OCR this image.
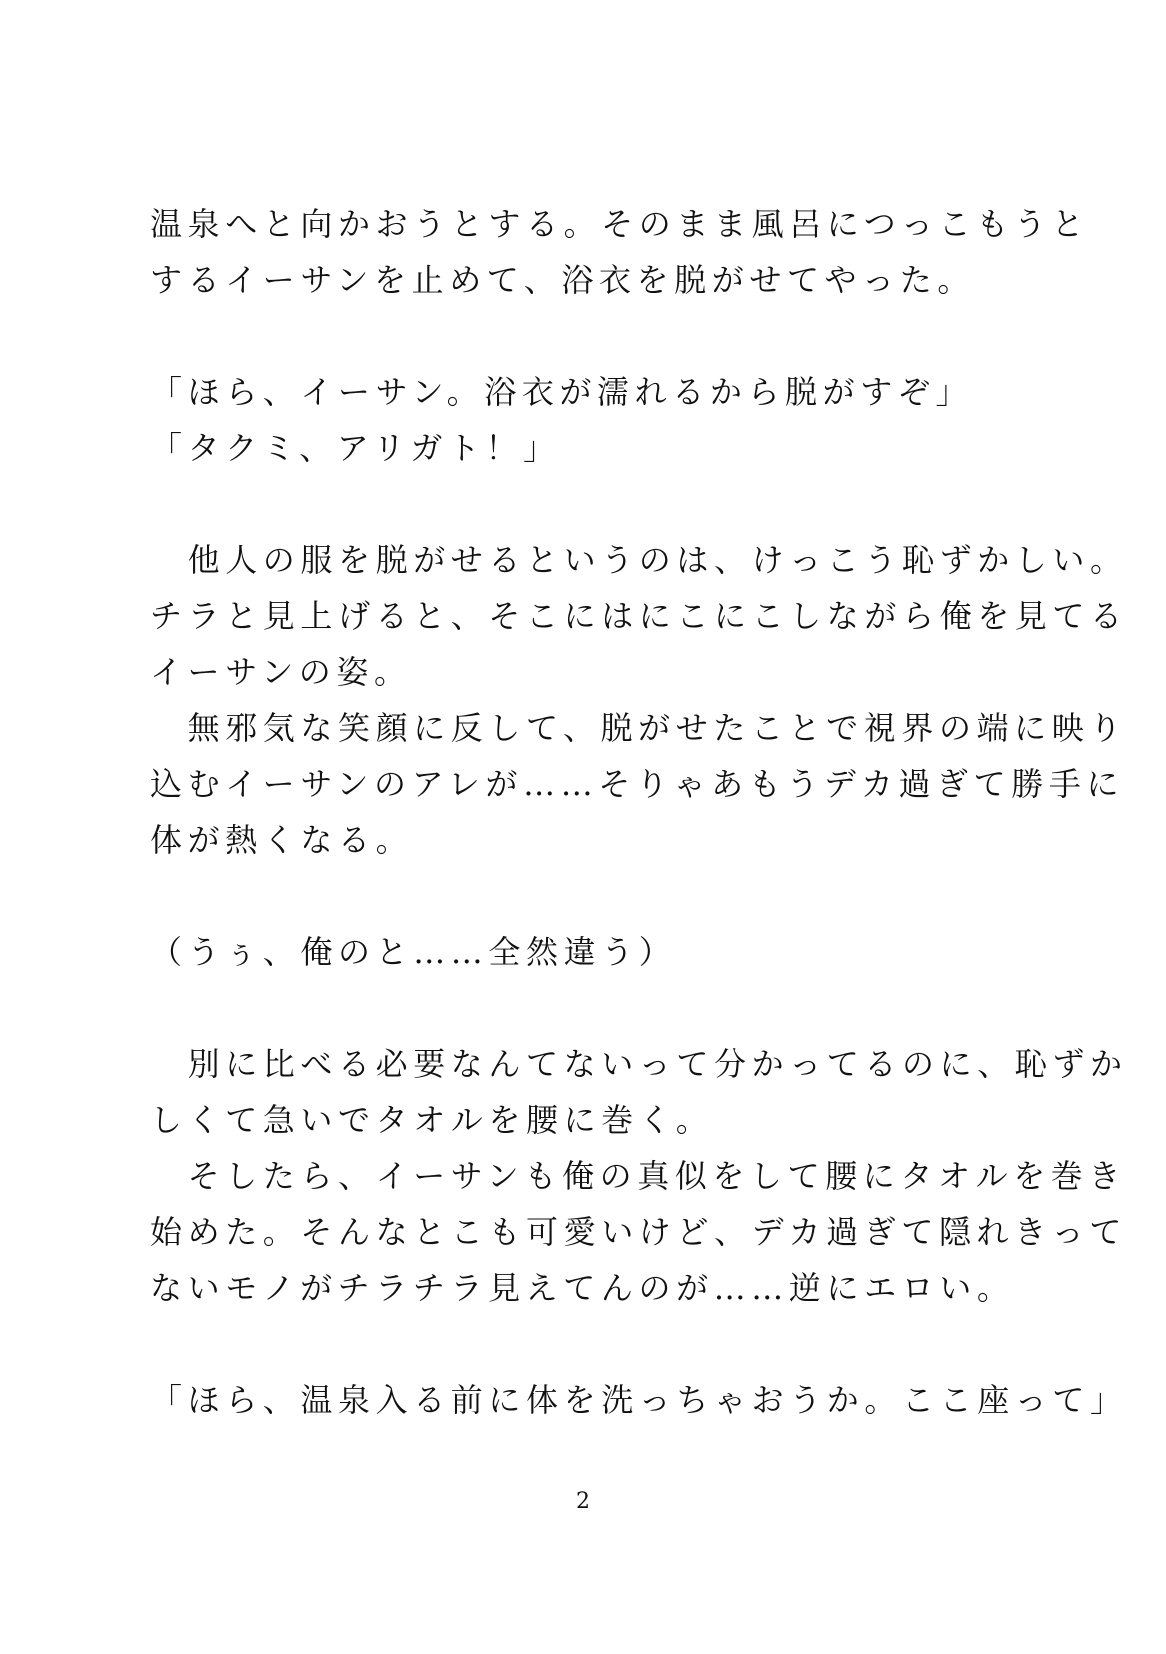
温泉へと向かおうとする。そのまま風呂につっこもうと
するイーサンを止めて、浴衣を脱がせてやった。
「ほら、イーサン。浴衣が濡れるから脱がすぞ」
「タクミ、アリガト！」
　他人の服を脱がせるというのは、けっこう恥ずかしい。
チラと見上げると、そこにはにこにこしながら俺を見てる
イーサンの姿。
　無邪気な笑顔に反して、脱がせたことで視界の端に映り
込むイーサンのアレが……そりゃあもうデカ過ぎて勝手に
体が熱くなる。
（うぅ、俺のと……全然違う）
　別に比べる必要なんてないって分かってるのに、恥ずか
しくて急いでタオルを腰に巻く。
　そしたら、イーサンも俺の真似をして腰にタオルを巻き
始めた。そんなとこも可愛いけど、デカ過ぎて隠れきって
ないモノがチラチラ見えてんのが……逆にエロい。
「ほら、温泉入る前に体を洗っちゃおうか。ここ座って」
2
